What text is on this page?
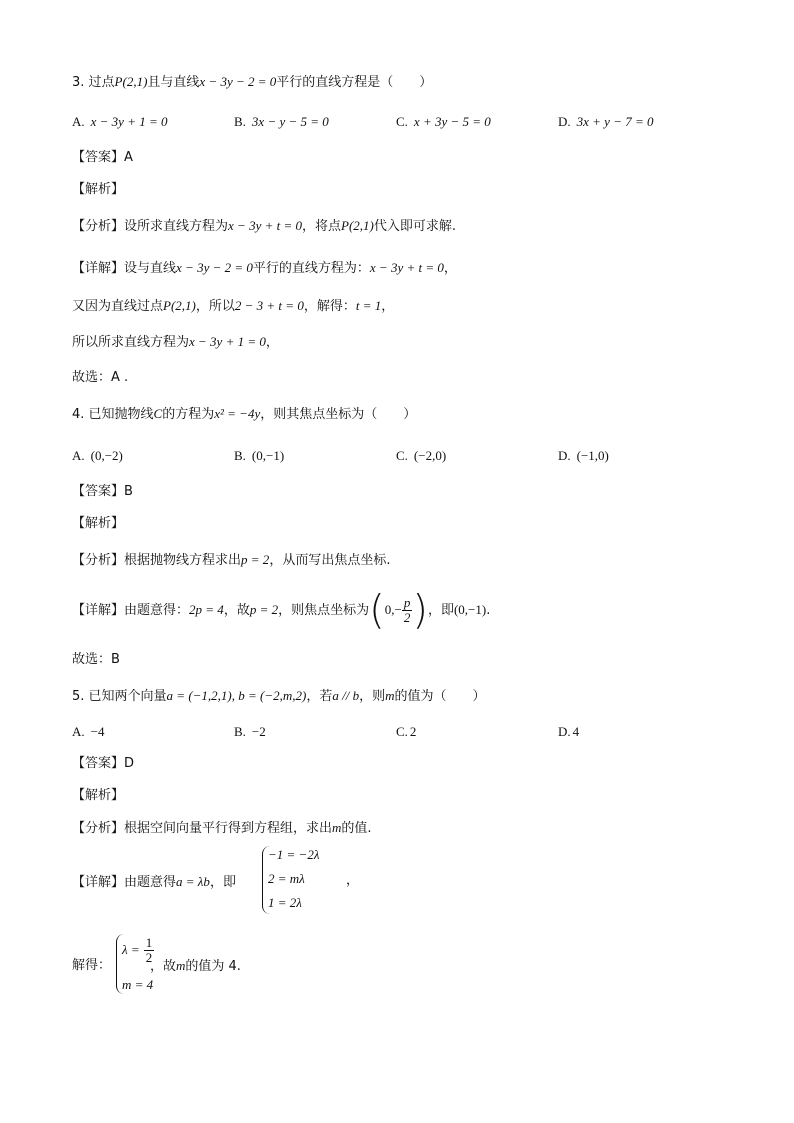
3. 过点P(2,1)且与直线x − 3y − 2 = 0平行的直线方程是（　　）
A. x − 3y + 1 = 0	B. 3x − y − 5 = 0	C. x + 3y − 5 = 0	D. 3x + y − 7 = 0
【答案】A
【解析】
【分析】设所求直线方程为x − 3y + t = 0，将点P(2,1)代入即可求解.
【详解】设与直线x − 3y − 2 = 0平行的直线方程为：x − 3y + t = 0，
又因为直线过点P(2,1)，所以2 − 3 + t = 0，解得：t = 1，
所以所求直线方程为x − 3y + 1 = 0，
故选：A .
4. 已知抛物线C的方程为x² = −4y，则其焦点坐标为（　　）
A. (0,−2)	B. (0,−1)	C. (−2,0)	D. (−1,0)
【答案】B
【解析】
【分析】根据抛物线方程求出p = 2，从而写出焦点坐标.
【详解】由题意得：2p = 4，故p = 2，则焦点坐标为($0,- \frac{p}{2}$ )，即(0,−1).
故选：B
5. 已知两个向量a = (−1,2,1), b = (−2,m,2)，若a // b，则m的值为（　　）
A. −4	B. −2	C. 2	D. 4
【答案】D
【解析】
【分析】根据空间向量平行得到方程组，求出m的值.
【详解】由题意得a = λb，即
−1 = −2λ
2 = mλ
1 = 2λ
，
解得：
$\lambda = \frac{1}{2}$
m = 4
，故m的值为 4.
